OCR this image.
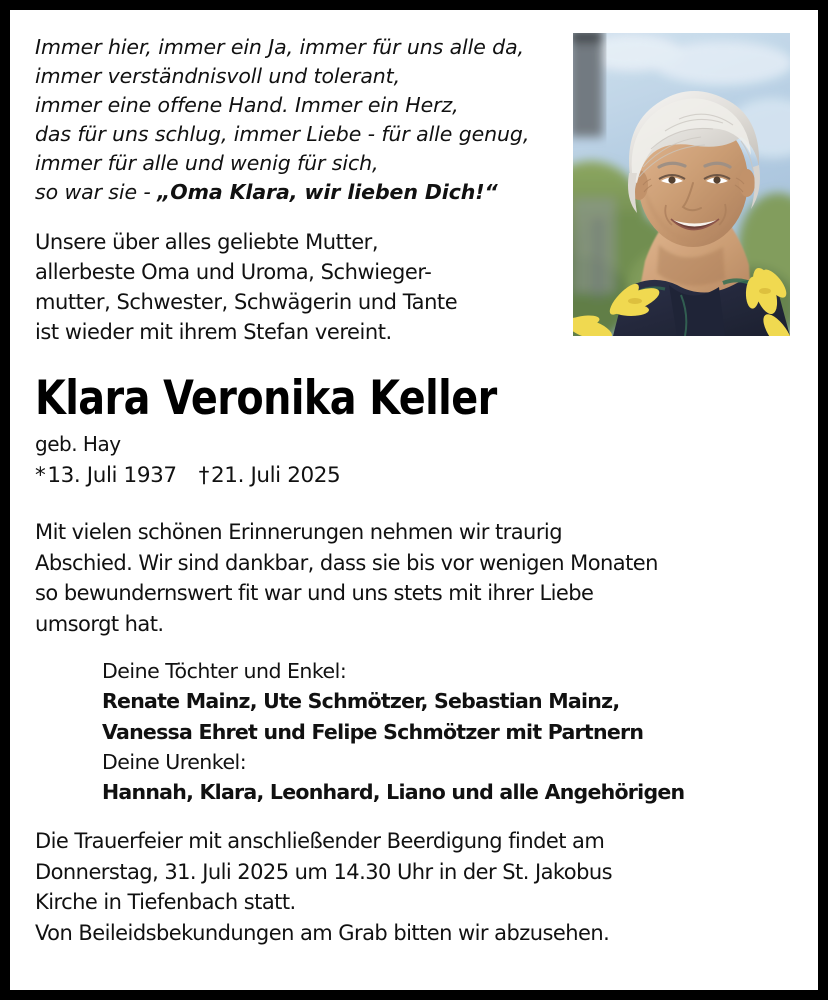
Immer hier, immer ein Ja, immer für uns alle da,
immer verständnisvoll und tolerant,
immer eine offene Hand. Immer ein Herz,
das für uns schlug, immer Liebe - für alle genug,
immer für alle und wenig für sich,
so war sie - „Oma Klara, wir lieben Dich!“
Unsere über alles geliebte Mutter,
allerbeste Oma und Uroma, Schwieger-
mutter, Schwester, Schwägerin und Tante
ist wieder mit ihrem Stefan vereint.
Klara Veronika Keller
geb. Hay
*13. Juli 1937 †21. Juli 2025
Mit vielen schönen Erinnerungen nehmen wir traurig
Abschied. Wir sind dankbar, dass sie bis vor wenigen Monaten
so bewundernswert fit war und uns stets mit ihrer Liebe
umsorgt hat.
Deine Töchter und Enkel:
Renate Mainz, Ute Schmötzer, Sebastian Mainz,
Vanessa Ehret und Felipe Schmötzer mit Partnern
Deine Urenkel:
Hannah, Klara, Leonhard, Liano und alle Angehörigen
Die Trauerfeier mit anschließender Beerdigung findet am
Donnerstag, 31. Juli 2025 um 14.30 Uhr in der St. Jakobus
Kirche in Tiefenbach statt.
Von Beileidsbekundungen am Grab bitten wir abzusehen.
